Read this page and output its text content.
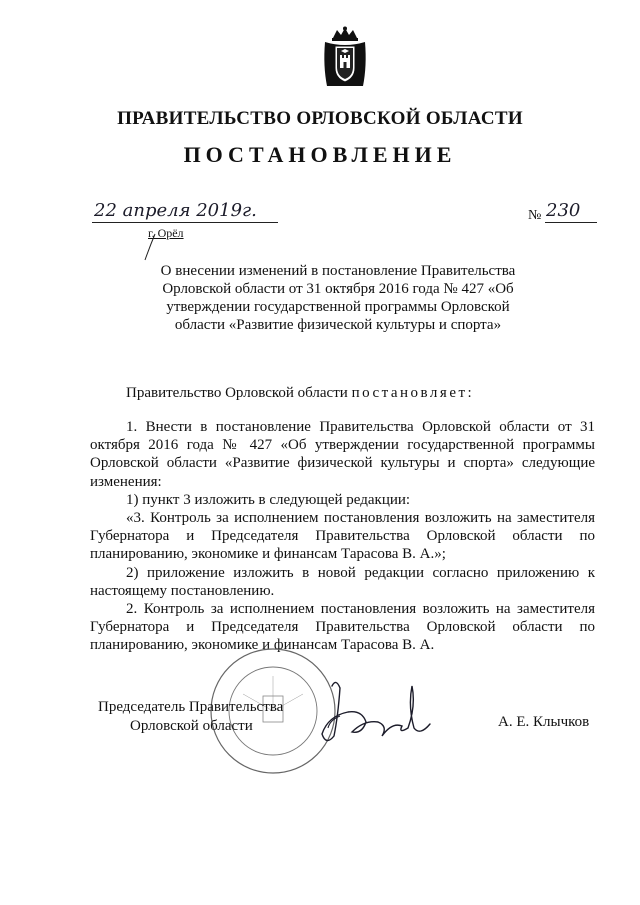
ПРАВИТЕЛЬСТВО ОРЛОВСКОЙ ОБЛАСТИ
ПОСТАНОВЛЕНИЕ
22 апреля 2019г.
г. Орёл
№ 230
О внесении изменений в постановление Правительства Орловской области от 31 октября 2016 года № 427 «Об утверждении государственной программы Орловской области «Развитие физической культуры и спорта»
Правительство Орловской области постановляет:

1. Внести в постановление Правительства Орловской области от 31 октября 2016 года № 427 «Об утверждении государственной программы Орловской области «Развитие физической культуры и спорта» следующие изменения:

1) пункт 3 изложить в следующей редакции:

«3. Контроль за исполнением постановления возложить на заместителя Губернатора и Председателя Правительства Орловской области по планированию, экономике и финансам Тарасова В. А.»;

2) приложение изложить в новой редакции согласно приложению к настоящему постановлению.

2. Контроль за исполнением постановления возложить на заместителя Губернатора и Председателя Правительства Орловской области по планированию, экономике и финансам Тарасова В. А.

Председатель Правительства
Орловской области	А. Е. Клычков
